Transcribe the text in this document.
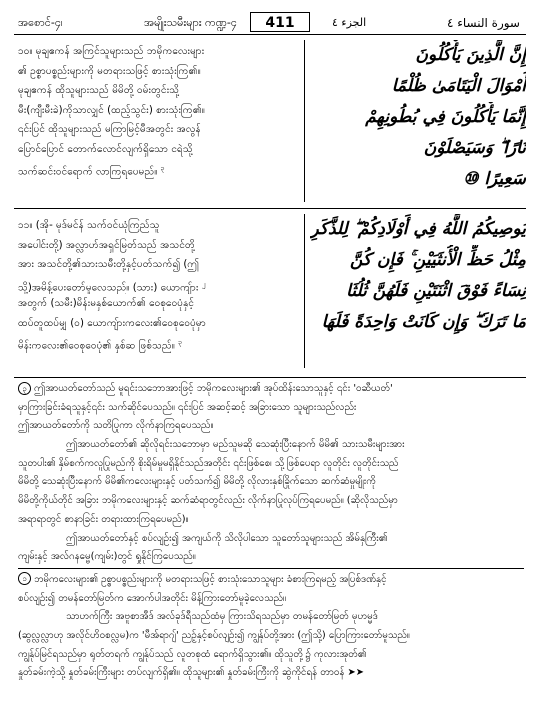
အစောင်-၄၊	အမျိုးသမီးများ ကဏ္ဍ-၄	411	الجزء ٤	سورة النساء ٤
၁၀။ မုချဧကန် အကြင်သူများသည် ဘမိုကလေးများ
၏ ဥစ္စာပစ္စည်းများကို မတရားသဖြင့် စားသုံးကြ၏။
မုချဧကန် ထိုသူများသည် မိမိတို့ ဝမ်းတွင်းသို့
မီး(ကျီးမီးခဲ)ကိုသာလျှင် (ထည့်သွင်း) စားသုံးကြ၏။
၎င်းပြင် ထိုသူများသည် မကြာမြင့်မီအတွင်း အလွန်
ပြောင်ပြောင် တောက်လောင်လျက်ရှိသော ငရဲသို့
သက်ဆင်းဝင်ရောက် လာကြရပေမည်။ $^၃$
إِنَّ الَّذِينَ يَأْكُلُونَ
أَمْوَالَ الْيَتَامَىٰ ظُلْمًا
إِنَّمَا يَأْكُلُونَ فِي بُطُونِهِمْ
نَارًا ۖ وَسَيَصْلَوْنَ
سَعِيرًا ⑩
၁၁။ (အို- မုဒ်မင်န် သက်ဝင်ယုံကြည်သူ
အပေါင်းတို့) အလ္လာဟ်အရှင်မြတ်သည် အသင်တို့
အား အသင်တို့၏သားသမီးတို့နှင့်ပတ်သက်၍ (ဤ
သို့)အမိန့်ပေးတော်မူလေသည်။ (သား) ယောကျ်ား $^၂$
အတွက် (သမီး)မိန်းမနှစ်ယောက်၏ ဝေစုဝေပုံနှင့်
ထပ်တူထပ်မျှ (ဝ) ယောကျ်ားကလေး၏ဝေစုဝေပုံမှာ
မိန်းကလေး၏ဝေစုဝေပုံ၏ နှစ်ဆ ဖြစ်သည်။ $^၃$
يُوصِيكُمُ اللَّهُ فِي أَوْلَادِكُمْ ۖ لِلذَّكَرِ
مِثْلُ حَظِّ الْأُنثَيَيْنِ ۚ فَإِن كُنَّ
نِسَاءً فَوْقَ اثْنَتَيْنِ فَلَهُنَّ ثُلُثَا
مَا تَرَكَ ۖ وَإِن كَانَتْ وَاحِدَةً فَلَهَا
၃ ဤအာယတ်တော်သည် မူရင်းသဘောအားဖြင့် ဘမိုကလေးများ၏ အုပ်ထိန်းသောသူနှင့် ၎င်း 'ဝဆီယတ်'
မှာကြားခြင်းခံရသူနှင့်၎င်း သက်ဆိုင်ပေသည်။ ၎င်းပြင် အဆင့်ဆင့် အခြားသော သူများသည်လည်း
ဤအာယတ်တော်ကို သတိပြုကာ လိုက်နာကြရပေသည်။
ဤအာယတ်တော်၏ ဆိုလိုရင်းသဘောမှာ မည်သူမဆို သေဆုံးပြီးနောက် မိမိ၏ သားသမီးများအား
သူတပါး၏ နှိမ်စက်ကလူပြုမည်ကို စိုးရိမ်မှုမရှိနိုင်သည်အတိုင်း ၎င်းဖြစ်စေ၊ သို့ဖြစ်ပေရာ လူတိုင်း လူတိုင်းသည်
မိမိတို့ သေဆုံးပြီးနောက် မိမိ၏ကလေးများနှင့် ပတ်သက်၍ မိမိတို့ လိုလားနှစ်ခြိုက်သော ဆက်ဆံမှုမျိုးကို
မိမိတို့ကိုယ်တိုင် အခြား ဘမိုကလေးများနှင့် ဆက်ဆံရာတွင်လည်း လိုက်နာပြုလုပ်ကြရပေမည်။ (ဆိုလိုသည်မှာ
အရာရာတွင် စာနာခြင်း တရားထားကြရပေမည်)။
ဤအာယတ်တော်နှင့် စပ်လျဉ်း၍ အကျယ်ကို သိလိုပါသော သူတော်သူများသည် အိမ်နှကြီး၏
ကျမ်းနှင့် အလ်ဂနမ္ဗေ(ကျမ်း)တွင် ရှုနိုင်ကြပေသည်။
၁ ဘမိုကလေးများ၏ ဥစ္စာပစ္စည်းများကို မတရားသဖြင့် စားသုံးသောသူများ ခံစားကြရမည့် အပြစ်ဒဏ်နှင့်
စပ်လျဉ်း၍ တမန်တော်မြတ်က အောက်ပါအတိုင်း မိန့်ကြားတော်မူခဲ့လေသည်။
သာဟက်ကြီး အဗူစာအီဒ် အလ်ခုဒ်ရီသည်ထံမှ ကြားသိရသည်မှာ တမန်တော်မြတ် မုဟမ္မဒ်
(ဆွလ္လလ္လာဟု အလိုင်ဟိဝစလ္လမ)က 'မီအ်ရာဂျ်' ညဉ့်နှင့်စပ်လျဉ်း၍ ကျွန်ုပ်တို့အား (ဤသို့) ပြောကြားတော်မူသည်။
ကျွန်ုပ်မြင်ရသည်မှာ ရုတ်တရက် ကျွန်ုပ်သည် လူတစုထံ ရောက်ရှိသွား၏။ ထိုသူတို့၌ ကုလားအုတ်၏
နှုတ်ခမ်းကဲ့သို့ နှုတ်ခမ်းကြီးများ တပ်လျက်ရှိ၏။ ထိုသူများ၏ နှုတ်ခမ်းကြီးကို ဆွဲကိုင်ရန် တာဝန် ➤➤
